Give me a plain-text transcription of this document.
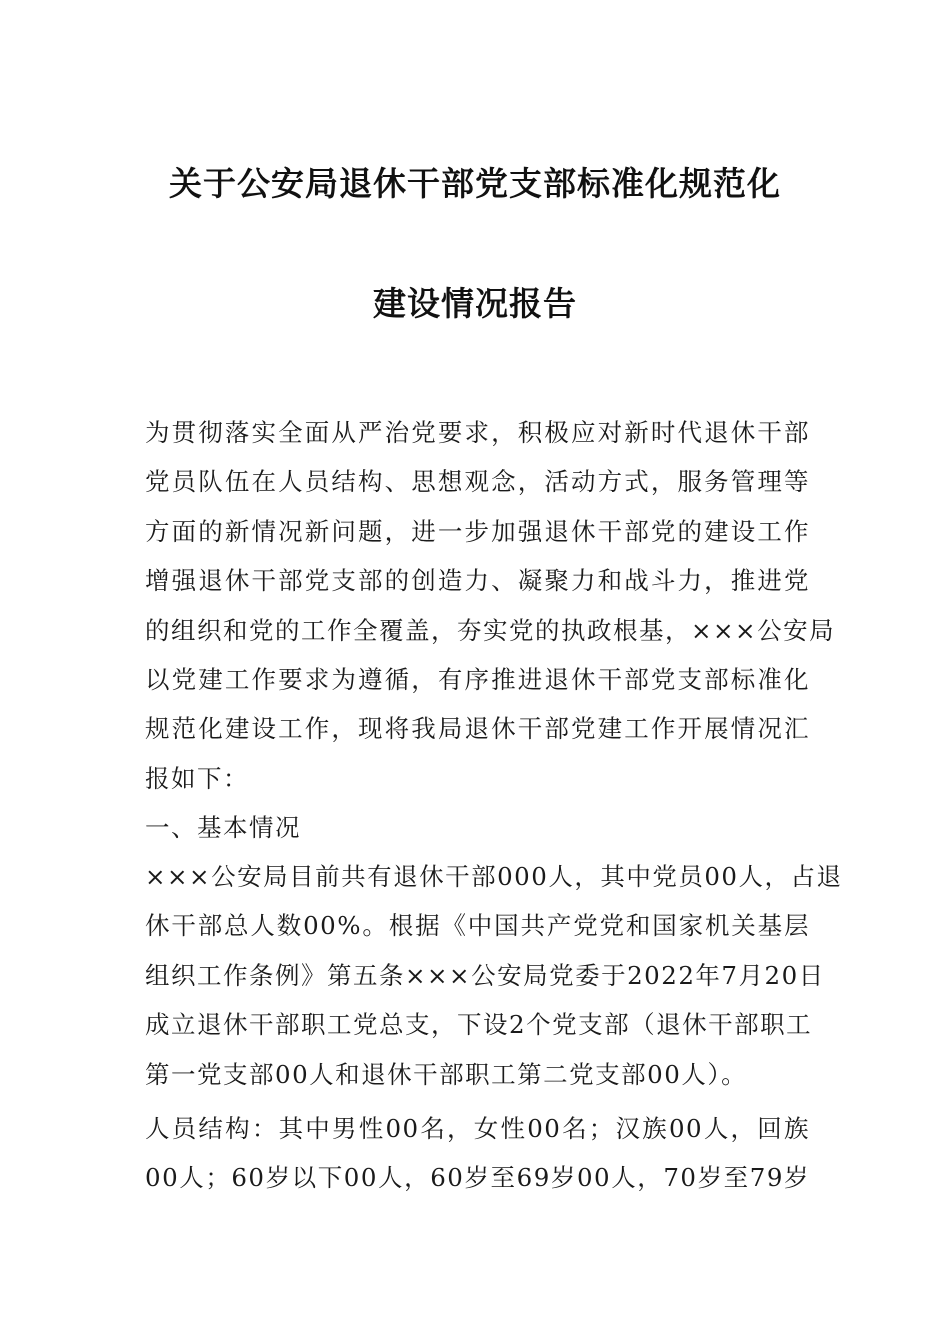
关于公安局退休干部党支部标准化规范化
建设情况报告
为贯彻落实全面从严治党要求，积极应对新时代退休干部
党员队伍在人员结构、思想观念，活动方式，服务管理等
方面的新情况新问题，进一步加强退休干部党的建设工作
增强退休干部党支部的创造力、凝聚力和战斗力，推进党
的组织和党的工作全覆盖，夯实党的执政根基，×××公安局
以党建工作要求为遵循，有序推进退休干部党支部标准化
规范化建设工作，现将我局退休干部党建工作开展情况汇
报如下：
一、基本情况
×××公安局目前共有退休干部000人，其中党员00人，占退
休干部总人数00%。根据《中国共产党党和国家机关基层
组织工作条例》第五条×××公安局党委于2022年7月20日
成立退休干部职工党总支，下设2个党支部（退休干部职工
第一党支部00人和退休干部职工第二党支部00人）。
人员结构：其中男性00名，女性00名；汉族00人，回族
00人；60岁以下00人，60岁至69岁00人，70岁至79岁
